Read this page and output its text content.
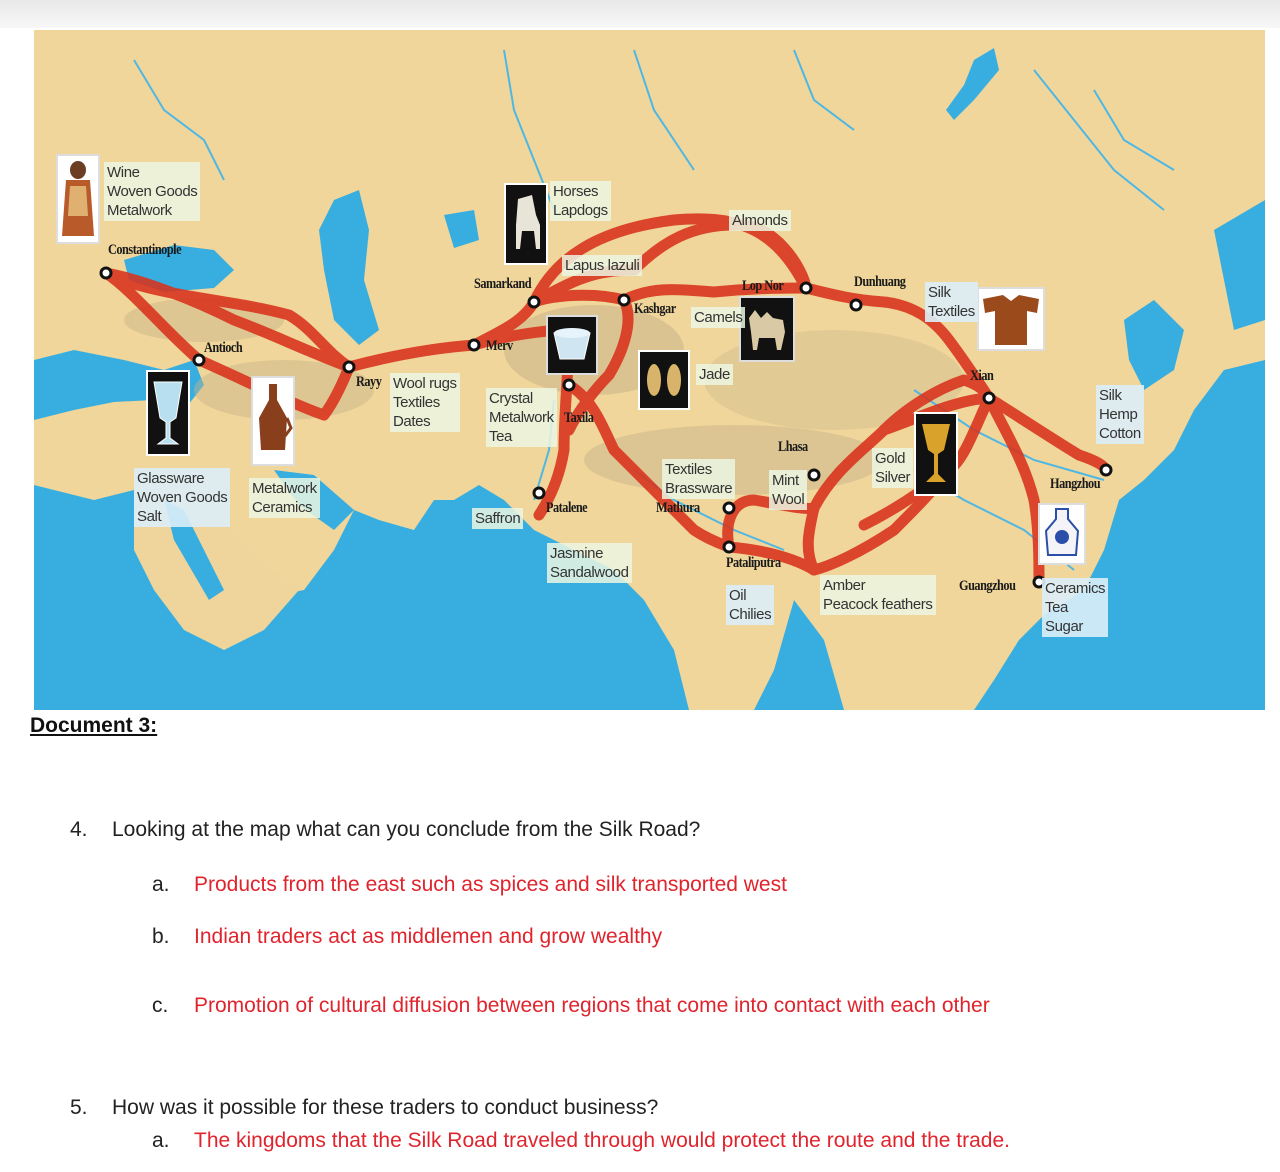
Wine
Woven Goods
Metalwork
Horses
Lapdogs
Almonds
Lapus lazuli
Camels
Silk
Textiles
Jade
Wool rugs
Textiles
Dates
Crystal
Metalwork
Tea
Silk
Hemp
Cotton
Textiles
Brassware	Mint
Wool
Gold
Silver
Glassware
Woven Goods
Salt
Metalwork
Ceramics
Saffron
Jasmine
Sandalwood
Oil
Chilies
Amber
Peacock feathers
Ceramics
Tea
Sugar
Constantinople
Antioch
Rayy
Merv
Samarkand
Kashgar
Taxila
Patalene
Lop Nor	Dunhuang
Xian
Lhasa
Mathura
Pataliputra
Hangzhou
Guangzhou
Document 3:
4. Looking at the map what can you conclude from the Silk Road?
a. Products from the east such as spices and silk transported west
b. Indian traders act as middlemen and grow wealthy
c. Promotion of cultural diffusion between regions that come into contact with each other
5. How was it possible for these traders to conduct business?
a. The kingdoms that the Silk Road traveled through would protect the route and the trade.
